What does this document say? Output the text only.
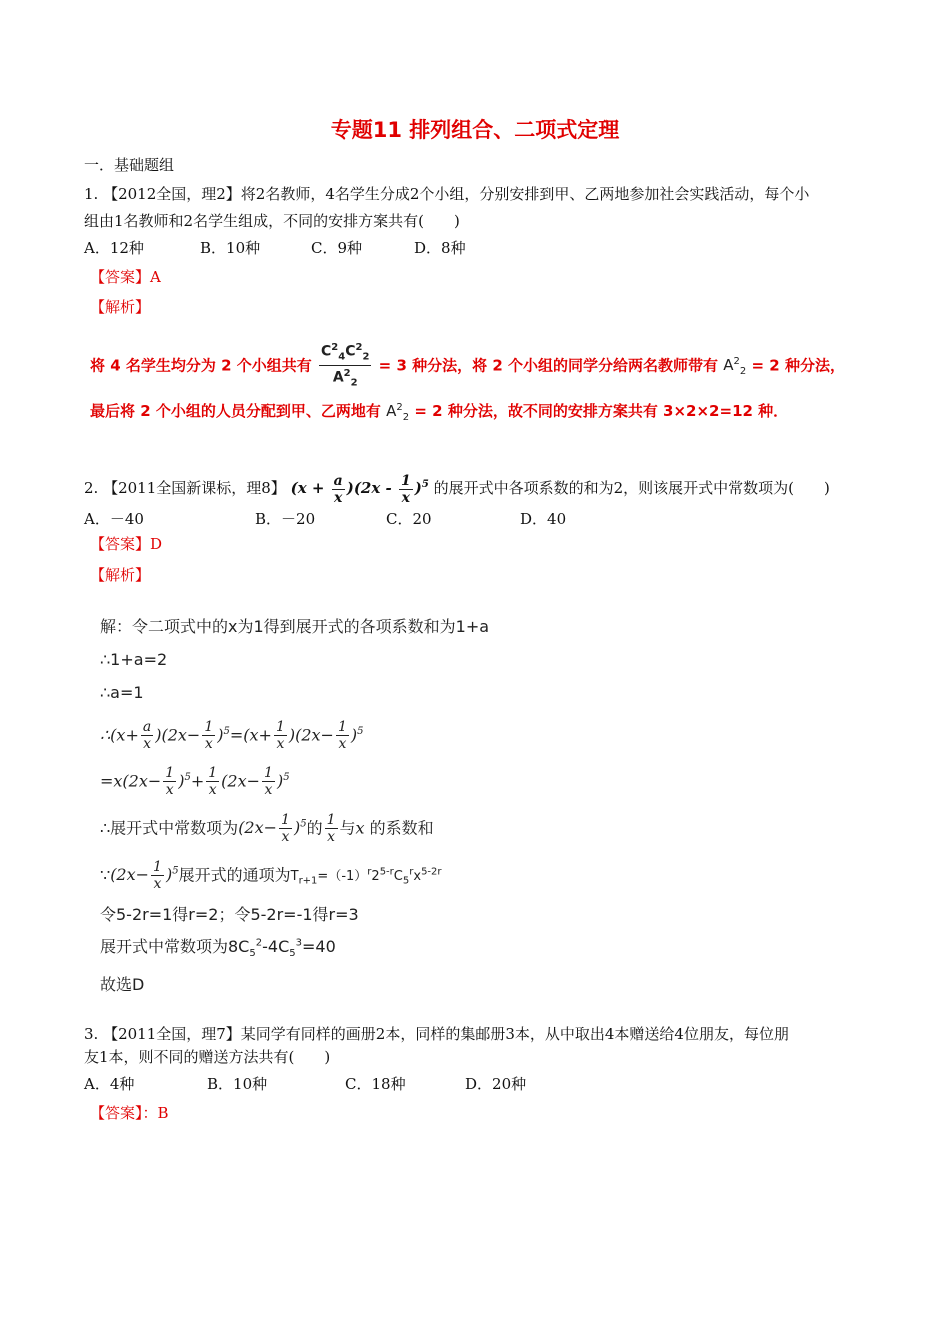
专题11 排列组合、二项式定理
一．基础题组
1. 【2012全国，理2】将2名教师，4名学生分成2个小组，分别安排到甲、乙两地参加社会实践活动，每个小
组由1名教师和2名学生组成，不同的安排方案共有(　　)
A．12种	B．10种	C．9种	D．8种
【答案】A
【解析】
将 4 名学生均分为 2 个小组共有 $\frac{C^2_4C^2_2}{A^2_2} = 3$ 种分法，将 2 个小组的同学分给两名教师带有 $A^2_2 = 2$ 种分法，
最后将 2 个小组的人员分配到甲、乙两地有 $A^2_2 = 2$ 种分法，故不同的安排方案共有 3×2×2=12 种．
2. 【2011全国新课标，理8】 $(x + \frac{a}{x} )(2x - \frac{1}{x} )^5$ 的展开式中各项系数的和为2，则该展开式中常数项为(　　)
A．－40	B．－20	C．20	D．40
【答案】D
【解析】
解：令二项式中的x为1得到展开式的各项系数和为1+a
∴1+a=2
∴a=1
∴(x+ $\frac{a}{x} )(2x- \frac{1}{x} )^5=(x+ \frac{1}{x} )(2x- \frac{1}{x} )^5$
$=x(2x- \frac{1}{x} )^5+ \frac{1}{x} (2x- \frac{1}{x} )^5$
∴展开式中常数项为$(2x- \frac{1}{x} )^5$的 $\frac{1}{x}$ 与x 的系数和
∵(2x− $\frac{1}{x} )^5$展开式的通项为$T_{r+1}=(-1)^r2^{5-r}C_5^rx^{5-2r}$
令5-2r=1得r=2；令5-2r=-1得r=3
展开式中常数项为$8C_5^2-4C_5^3=40$
故选D
3. 【2011全国，理7】某同学有同样的画册2本，同样的集邮册3本，从中取出4本赠送给4位朋友，每位朋
友1本，则不同的赠送方法共有(　　)
A．4种	B．10种	C．18种	D．20种
【答案】：B
